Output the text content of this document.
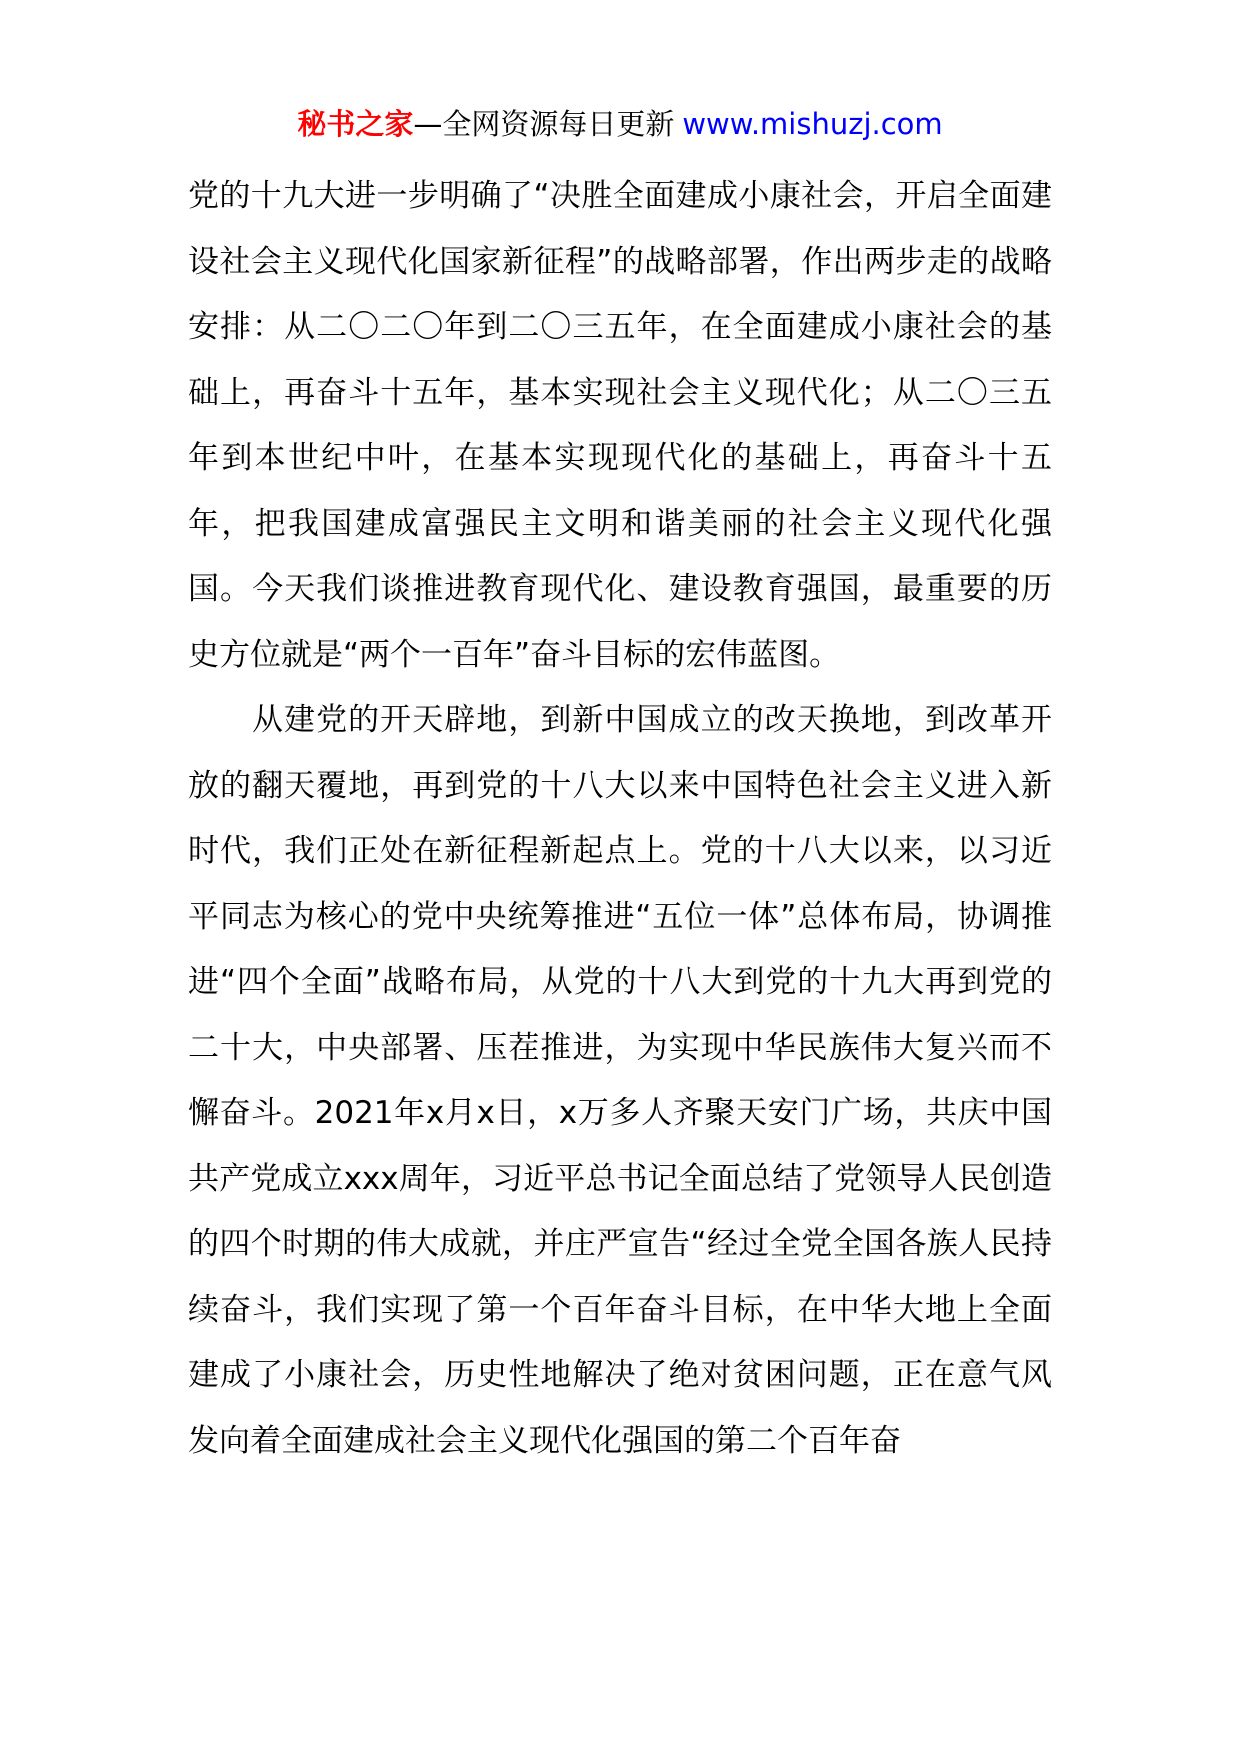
秘书之家—全网资源每日更新 www.mishuzj.com

党的十九大进一步明确了“决胜全面建成小康社会，开启全面建设社会主义现代化国家新征程”的战略部署，作出两步走的战略安排：从二〇二〇年到二〇三五年，在全面建成小康社会的基础上，再奋斗十五年，基本实现社会主义现代化；从二〇三五年到本世纪中叶，在基本实现现代化的基础上，再奋斗十五年，把我国建成富强民主文明和谐美丽的社会主义现代化强国。今天我们谈推进教育现代化、建设教育强国，最重要的历史方位就是“两个一百年”奋斗目标的宏伟蓝图。

从建党的开天辟地，到新中国成立的改天换地，到改革开放的翻天覆地，再到党的十八大以来中国特色社会主义进入新时代，我们正处在新征程新起点上。党的十八大以来，以习近平同志为核心的党中央统筹推进“五位一体”总体布局，协调推进“四个全面”战略布局，从党的十八大到党的十九大再到党的二十大，中央部署、压茬推进，为实现中华民族伟大复兴而不懈奋斗。2021年x月x日，x万多人齐聚天安门广场，共庆中国共产党成立xxx周年，习近平总书记全面总结了党领导人民创造的四个时期的伟大成就，并庄严宣告“经过全党全国各族人民持续奋斗，我们实现了第一个百年奋斗目标，在中华大地上全面建成了小康社会，历史性地解决了绝对贫困问题，正在意气风发向着全面建成社会主义现代化强国的第二个百年奋
